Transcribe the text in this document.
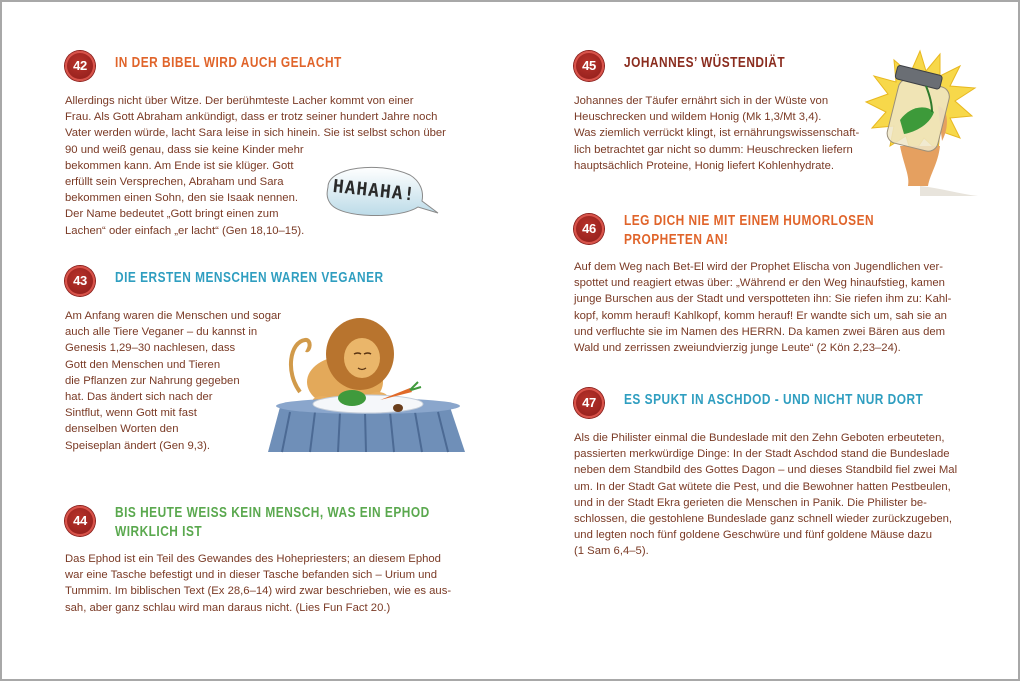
42	IN DER BIBEL WIRD AUCH GELACHT

Allerdings nicht über Witze. Der berühmteste Lacher kommt von einer
Frau. Als Gott Abraham ankündigt, dass er trotz seiner hundert Jahre noch
Vater werden würde, lacht Sara leise in sich hinein. Sie ist selbst schon über
90 und weiß genau, dass sie keine Kinder mehr
bekommen kann. Am Ende ist sie klüger. Gott
erfüllt sein Versprechen, Abraham und Sara
bekommen einen Sohn, den sie Isaak nennen.
Der Name bedeutet „Gott bringt einen zum
Lachen“ oder einfach „er lacht“ (Gen 18,10–15).

HAHAHA!
43	DIE ERSTEN MENSCHEN WAREN VEGANER

Am Anfang waren die Menschen und sogar
auch alle Tiere Veganer – du kannst in
Genesis 1,29–30 nachlesen, dass
Gott den Menschen und Tieren
die Pflanzen zur Nahrung gegeben
hat. Das ändert sich nach der
Sintflut, wenn Gott mit fast
denselben Worten den
Speiseplan ändert (Gen 9,3).

44	BIS HEUTE WEISS KEIN MENSCH, WAS EIN EPHOD
WIRKLICH IST

Das Ephod ist ein Teil des Gewandes des Hohepriesters; an diesem Ephod
war eine Tasche befestigt und in dieser Tasche befanden sich – Urium und
Tummim. Im biblischen Text (Ex 28,6–14) wird zwar beschrieben, wie es aus-
sah, aber ganz schlau wird man daraus nicht. (Lies Fun Fact 20.)

45	JOHANNES’ WÜSTENDIÄT

Johannes der Täufer ernährt sich in der Wüste von
Heuschrecken und wildem Honig (Mk 1,3/Mt 3,4).
Was ziemlich verrückt klingt, ist ernährungswissenschaft-
lich betrachtet gar nicht so dumm: Heuschrecken liefern
hauptsächlich Proteine, Honig liefert Kohlenhydrate.

46	LEG DICH NIE MIT EINEM HUMORLOSEN
PROPHETEN AN!

Auf dem Weg nach Bet-El wird der Prophet Elischa von Jugendlichen ver-
spottet und reagiert etwas über: „Während er den Weg hinaufstieg, kamen
junge Burschen aus der Stadt und verspotteten ihn: Sie riefen ihm zu: Kahl-
kopf, komm herauf! Kahlkopf, komm herauf! Er wandte sich um, sah sie an
und verfluchte sie im Namen des HERRN. Da kamen zwei Bären aus dem
Wald und zerrissen zweiundvierzig junge Leute“ (2 Kön 2,23–24).

47	ES SPUKT IN ASCHDOD - UND NICHT NUR DORT

Als die Philister einmal die Bundeslade mit den Zehn Geboten erbeuteten,
passierten merkwürdige Dinge: In der Stadt Aschdod stand die Bundeslade
neben dem Standbild des Gottes Dagon – und dieses Standbild fiel zwei Mal
um. In der Stadt Gat wütete die Pest, und die Bewohner hatten Pestbeulen,
und in der Stadt Ekra gerieten die Menschen in Panik. Die Philister be-
schlossen, die gestohlene Bundeslade ganz schnell wieder zurückzugeben,
und legten noch fünf goldene Geschwüre und fünf goldene Mäuse dazu
(1 Sam 6,4–5).
